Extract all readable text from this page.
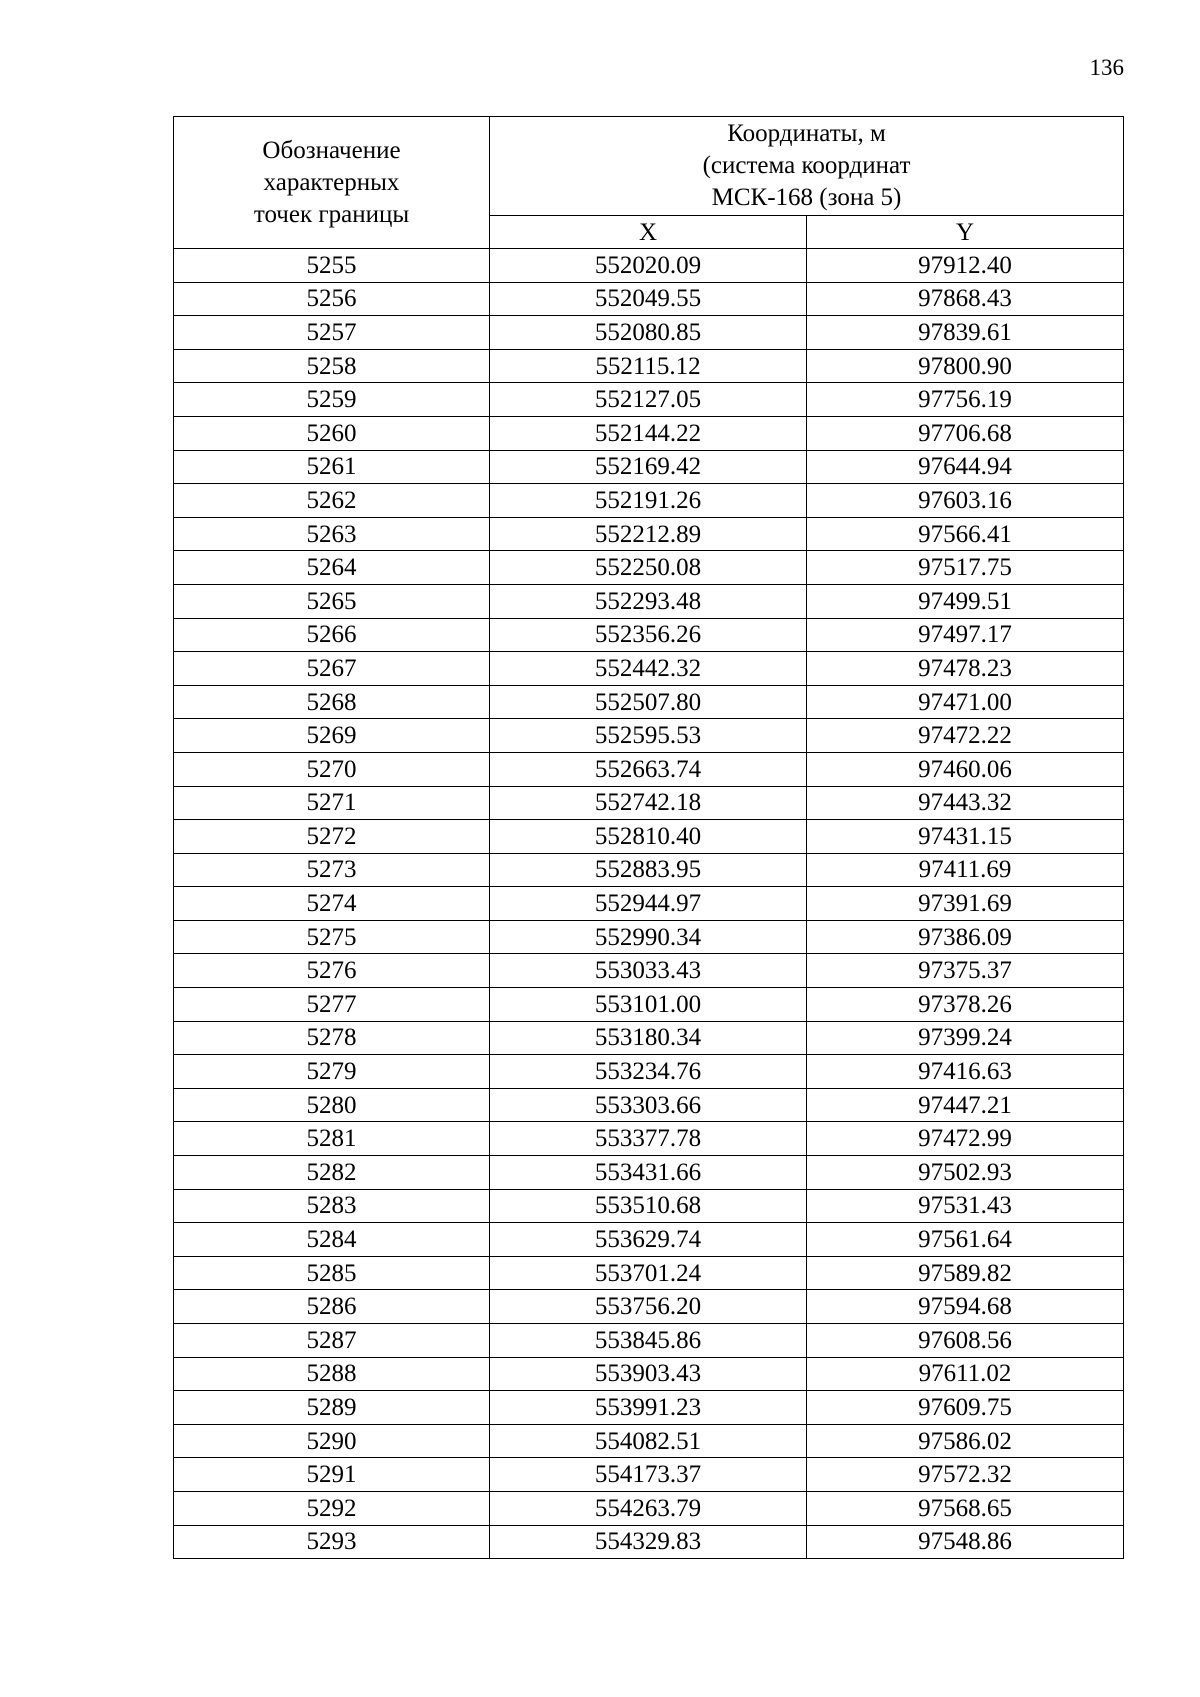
136
Обозначение
характерных
точек границы	Координаты, м
(система координат
МСК-168 (зона 5)	
	X	Y
5255	552020.09	97912.40
5256	552049.55	97868.43
5257	552080.85	97839.61
5258	552115.12	97800.90
5259	552127.05	97756.19
5260	552144.22	97706.68
5261	552169.42	97644.94
5262	552191.26	97603.16
5263	552212.89	97566.41
5264	552250.08	97517.75
5265	552293.48	97499.51
5266	552356.26	97497.17
5267	552442.32	97478.23
5268	552507.80	97471.00
5269	552595.53	97472.22
5270	552663.74	97460.06
5271	552742.18	97443.32
5272	552810.40	97431.15
5273	552883.95	97411.69
5274	552944.97	97391.69
5275	552990.34	97386.09
5276	553033.43	97375.37
5277	553101.00	97378.26
5278	553180.34	97399.24
5279	553234.76	97416.63
5280	553303.66	97447.21
5281	553377.78	97472.99
5282	553431.66	97502.93
5283	553510.68	97531.43
5284	553629.74	97561.64
5285	553701.24	97589.82
5286	553756.20	97594.68
5287	553845.86	97608.56
5288	553903.43	97611.02
5289	553991.23	97609.75
5290	554082.51	97586.02
5291	554173.37	97572.32
5292	554263.79	97568.65
5293	554329.83	97548.86
